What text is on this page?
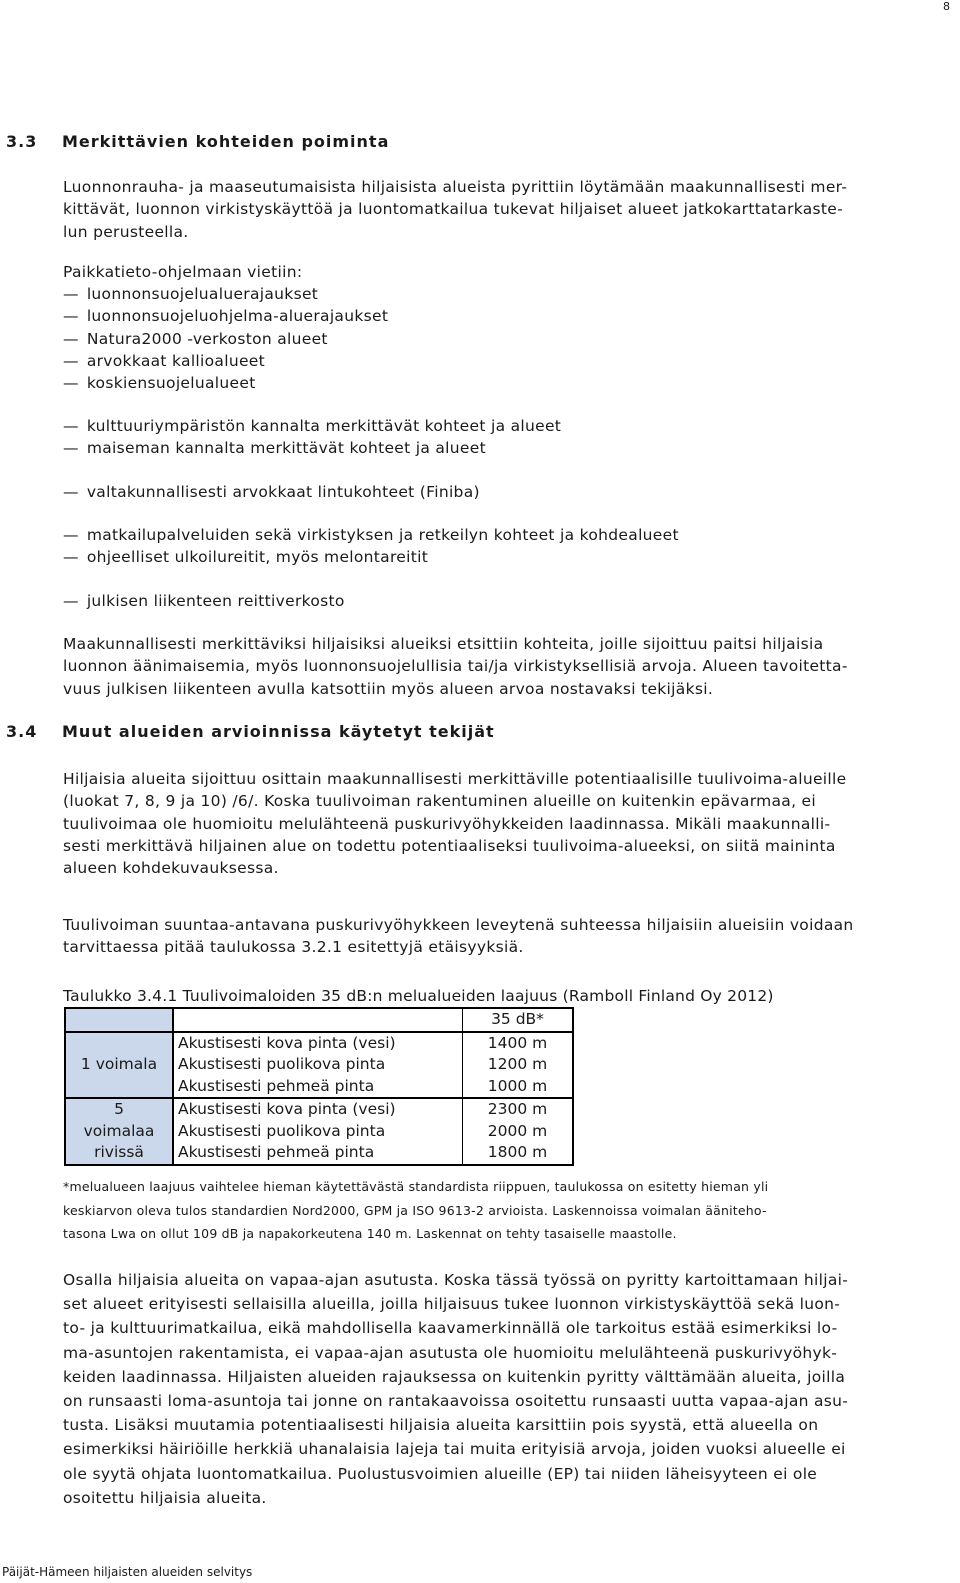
8
3.3 Merkittävien kohteiden poiminta

Luonnonrauha- ja maaseutumaisista hiljaisista alueista pyrittiin löytämään maakunnallisesti mer-
kittävät, luonnon virkistyskäyttöä ja luontomatkailua tukevat hiljaiset alueet jatkokarttatarkaste-
lun perusteella.

Paikkatieto-ohjelmaan vietiin:
— luonnonsuojelualuerajaukset
— luonnonsuojeluohjelma-aluerajaukset
— Natura2000 -verkoston alueet
— arvokkaat kallioalueet
— koskiensuojelualueet
— kulttuuriympäristön kannalta merkittävät kohteet ja alueet
— maiseman kannalta merkittävät kohteet ja alueet
— valtakunnallisesti arvokkaat lintukohteet (Finiba)
— matkailupalveluiden sekä virkistyksen ja retkeilyn kohteet ja kohdealueet
— ohjeelliset ulkoilureitit, myös melontareitit
— julkisen liikenteen reittiverkosto

Maakunnallisesti merkittäviksi hiljaisiksi alueiksi etsittiin kohteita, joille sijoittuu paitsi hiljaisia
luonnon äänimaisemia, myös luonnonsuojelullisia tai/ja virkistyksellisiä arvoja. Alueen tavoitetta-
vuus julkisen liikenteen avulla katsottiin myös alueen arvoa nostavaksi tekijäksi.

3.4 Muut alueiden arvioinnissa käytetyt tekijät

Hiljaisia alueita sijoittuu osittain maakunnallisesti merkittäville potentiaalisille tuulivoima-alueille
(luokat 7, 8, 9 ja 10) /6/. Koska tuulivoiman rakentuminen alueille on kuitenkin epävarmaa, ei
tuulivoimaa ole huomioitu melulähteenä puskurivyöhykkeiden laadinnassa. Mikäli maakunnalli-
sesti merkittävä hiljainen alue on todettu potentiaaliseksi tuulivoima-alueeksi, on siitä maininta
alueen kohdekuvauksessa.

Tuulivoiman suuntaa-antavana puskurivyöhykkeen leveytenä suhteessa hiljaisiin alueisiin voidaan
tarvittaessa pitää taulukossa 3.2.1 esitettyjä etäisyyksiä.

Taulukko 3.4.1 Tuulivoimaloiden 35 dB:n melualueiden laajuus (Ramboll Finland Oy 2012)
		35 dB*
1 voimala	Akustisesti kova pinta (vesi)	1400 m
	Akustisesti puolikova pinta	1200 m
	Akustisesti pehmeä pinta	1000 m
5	Akustisesti kova pinta (vesi)	2300 m
voimalaa	Akustisesti puolikova pinta	2000 m
rivissä	Akustisesti pehmeä pinta	1800 m

*melualueen laajuus vaihtelee hieman käytettävästä standardista riippuen, taulukossa on esitetty hieman yli
keskiarvon oleva tulos standardien Nord2000, GPM ja ISO 9613-2 arvioista. Laskennoissa voimalan ääniteho-
tasona Lwa on ollut 109 dB ja napakorkeutena 140 m. Laskennat on tehty tasaiselle maastolle.

Osalla hiljaisia alueita on vapaa-ajan asutusta. Koska tässä työssä on pyritty kartoittamaan hiljai-
set alueet erityisesti sellaisilla alueilla, joilla hiljaisuus tukee luonnon virkistyskäyttöä sekä luon-
to- ja kulttuurimatkailua, eikä mahdollisella kaavamerkinnällä ole tarkoitus estää esimerkiksi lo-
ma-asuntojen rakentamista, ei vapaa-ajan asutusta ole huomioitu melulähteenä puskurivyöhyk-
keiden laadinnassa. Hiljaisten alueiden rajauksessa on kuitenkin pyritty välttämään alueita, joilla
on runsaasti loma-asuntoja tai jonne on rantakaavoissa osoitettu runsaasti uutta vapaa-ajan asu-
tusta. Lisäksi muutamia potentiaalisesti hiljaisia alueita karsittiin pois syystä, että alueella on
esimerkiksi häiriöille herkkiä uhanalaisia lajeja tai muita erityisiä arvoja, joiden vuoksi alueelle ei
ole syytä ohjata luontomatkailua. Puolustusvoimien alueille (EP) tai niiden läheisyyteen ei ole
osoitettu hiljaisia alueita.

Päijät-Hämeen hiljaisten alueiden selvitys
